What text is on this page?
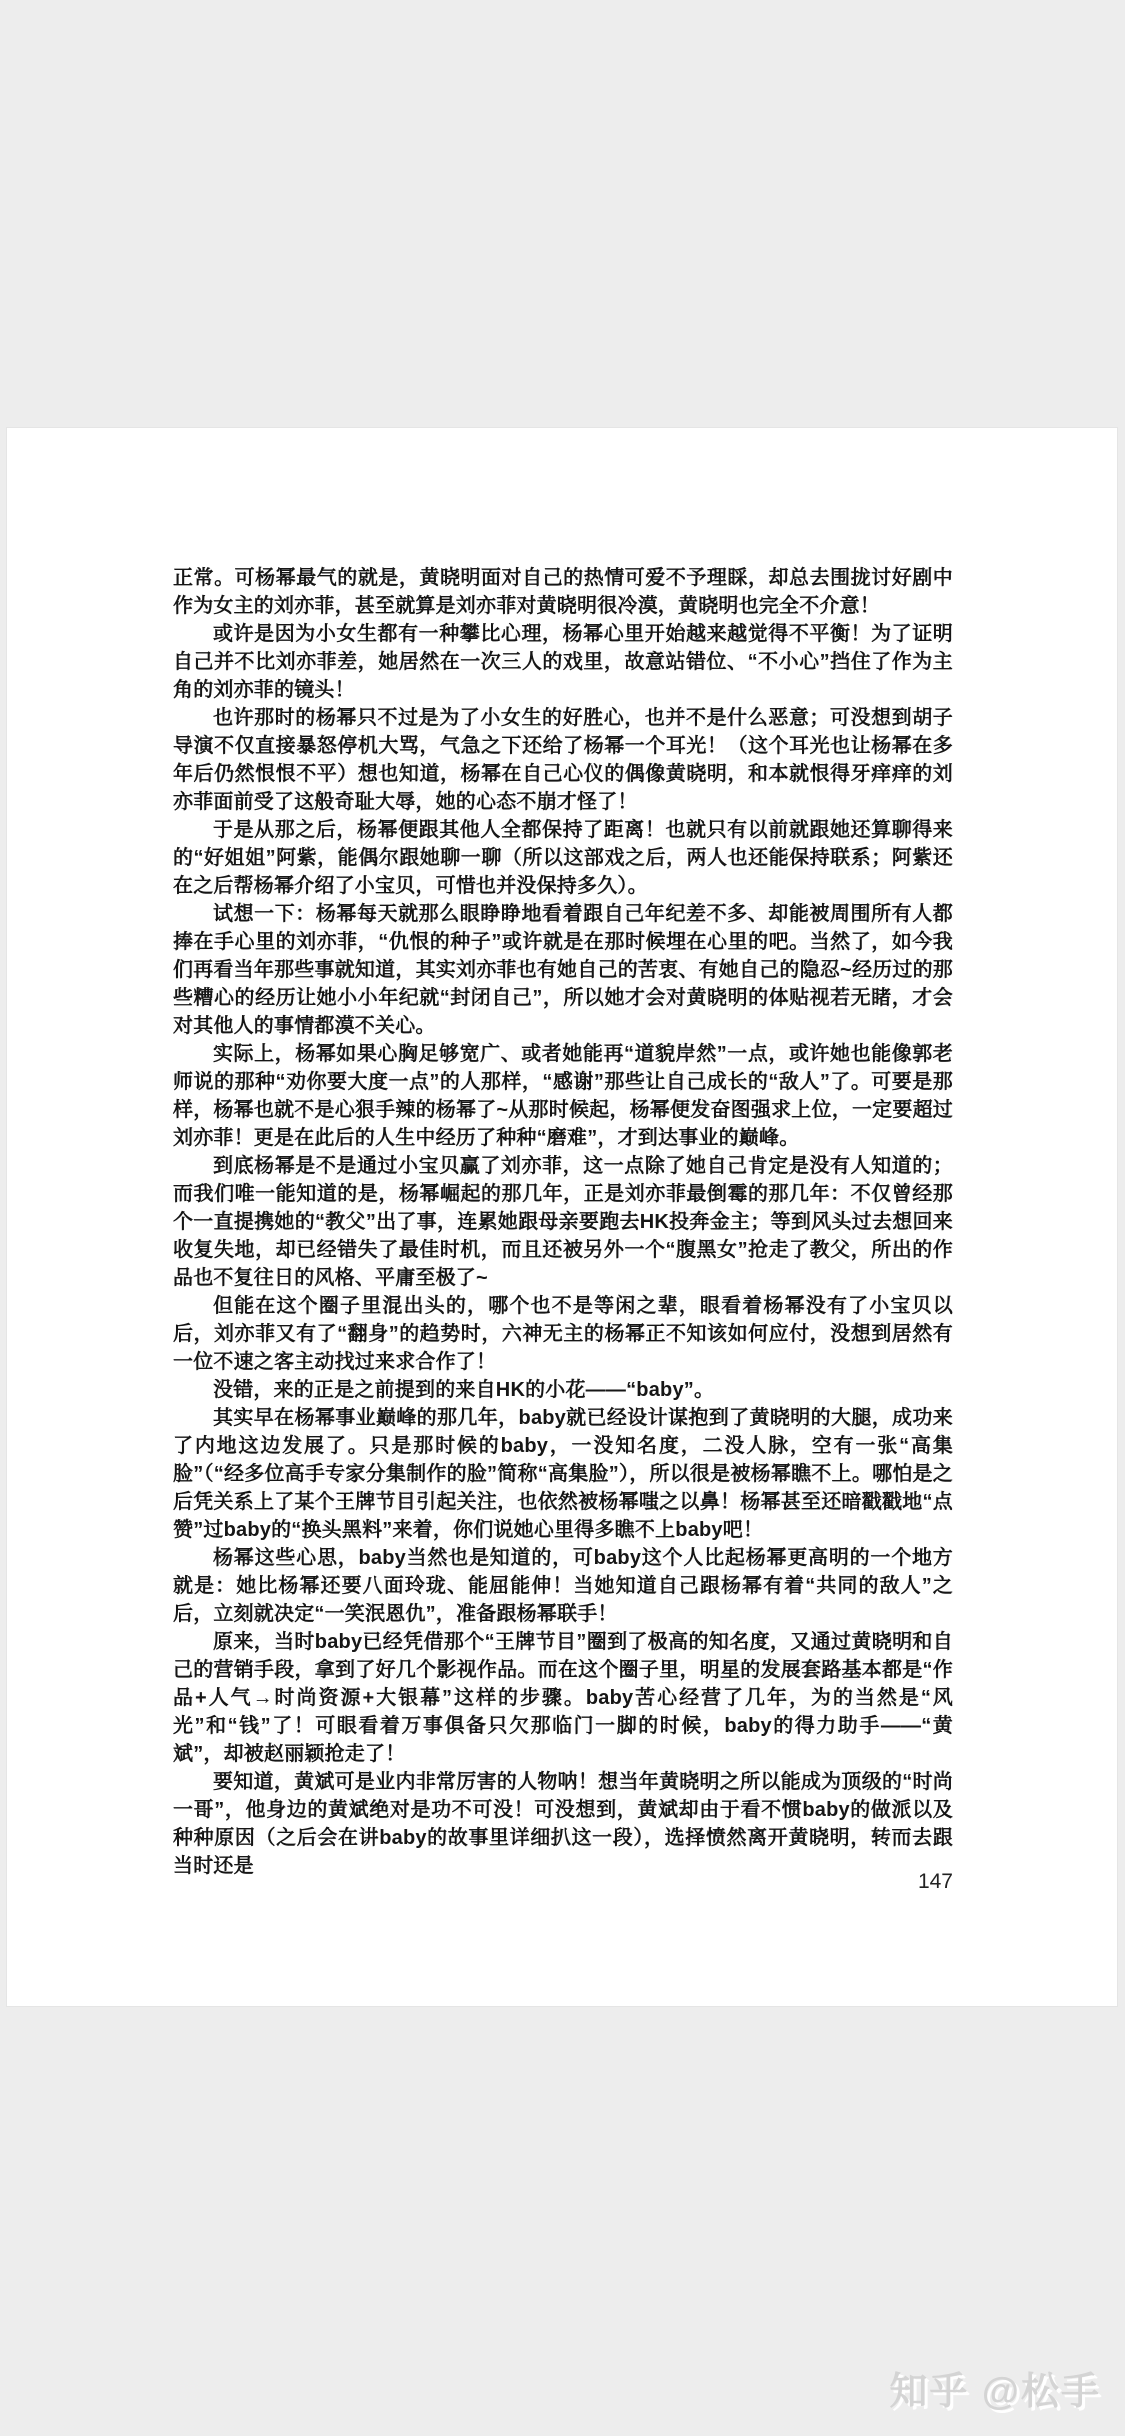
正常。可杨幂最气的就是，黄晓明面对自己的热情可爱不予理睬，却总去围拢讨好剧中作为女主的刘亦菲，甚至就算是刘亦菲对黄晓明很冷漠，黄晓明也完全不介意！

或许是因为小女生都有一种攀比心理，杨幂心里开始越来越觉得不平衡！为了证明自己并不比刘亦菲差，她居然在一次三人的戏里，故意站错位、“不小心”挡住了作为主角的刘亦菲的镜头！

也许那时的杨幂只不过是为了小女生的好胜心，也并不是什么恶意；可没想到胡子导演不仅直接暴怒停机大骂，气急之下还给了杨幂一个耳光！（这个耳光也让杨幂在多年后仍然恨恨不平）想也知道，杨幂在自己心仪的偶像黄晓明，和本就恨得牙痒痒的刘亦菲面前受了这般奇耻大辱，她的心态不崩才怪了！

于是从那之后，杨幂便跟其他人全都保持了距离！也就只有以前就跟她还算聊得来的“好姐姐”阿紫，能偶尔跟她聊一聊（所以这部戏之后，两人也还能保持联系；阿紫还在之后帮杨幂介绍了小宝贝，可惜也并没保持多久）。

试想一下：杨幂每天就那么眼睁睁地看着跟自己年纪差不多、却能被周围所有人都捧在手心里的刘亦菲，“仇恨的种子”或许就是在那时候埋在心里的吧。当然了，如今我们再看当年那些事就知道，其实刘亦菲也有她自己的苦衷、有她自己的隐忍~经历过的那些糟心的经历让她小小年纪就“封闭自己”，所以她才会对黄晓明的体贴视若无睹，才会对其他人的事情都漠不关心。

实际上，杨幂如果心胸足够宽广、或者她能再“道貌岸然”一点，或许她也能像郭老师说的那种“劝你要大度一点”的人那样，“感谢”那些让自己成长的“敌人”了。可要是那样，杨幂也就不是心狠手辣的杨幂了~从那时候起，杨幂便发奋图强求上位，一定要超过刘亦菲！更是在此后的人生中经历了种种“磨难”，才到达事业的巅峰。

到底杨幂是不是通过小宝贝赢了刘亦菲，这一点除了她自己肯定是没有人知道的；而我们唯一能知道的是，杨幂崛起的那几年，正是刘亦菲最倒霉的那几年：不仅曾经那个一直提携她的“教父”出了事，连累她跟母亲要跑去HK投奔金主；等到风头过去想回来收复失地，却已经错失了最佳时机，而且还被另外一个“腹黑女”抢走了教父，所出的作品也不复往日的风格、平庸至极了~

但能在这个圈子里混出头的，哪个也不是等闲之辈，眼看着杨幂没有了小宝贝以后，刘亦菲又有了“翻身”的趋势时，六神无主的杨幂正不知该如何应付，没想到居然有一位不速之客主动找过来求合作了！

没错，来的正是之前提到的来自HK的小花——“baby”。

其实早在杨幂事业巅峰的那几年，baby就已经设计谋抱到了黄晓明的大腿，成功来了内地这边发展了。只是那时候的baby，一没知名度，二没人脉，空有一张“高集脸”（“经多位高手专家分集制作的脸”简称“高集脸”），所以很是被杨幂瞧不上。哪怕是之后凭关系上了某个王牌节目引起关注，也依然被杨幂嗤之以鼻！杨幂甚至还暗戳戳地“点赞”过baby的“换头黑料”来着，你们说她心里得多瞧不上baby吧！

杨幂这些心思，baby当然也是知道的，可baby这个人比起杨幂更高明的一个地方就是：她比杨幂还要八面玲珑、能屈能伸！当她知道自己跟杨幂有着“共同的敌人”之后，立刻就决定“一笑泯恩仇”，准备跟杨幂联手！

原来，当时baby已经凭借那个“王牌节目”圈到了极高的知名度，又通过黄晓明和自己的营销手段，拿到了好几个影视作品。而在这个圈子里，明星的发展套路基本都是“作品+人气→时尚资源+大银幕”这样的步骤。baby苦心经营了几年，为的当然是“风光”和“钱”了！可眼看着万事俱备只欠那临门一脚的时候，baby的得力助手——“黄斌”，却被赵丽颖抢走了！

要知道，黄斌可是业内非常厉害的人物呐！想当年黄晓明之所以能成为顶级的“时尚一哥”，他身边的黄斌绝对是功不可没！可没想到，黄斌却由于看不惯baby的做派以及种种原因（之后会在讲baby的故事里详细扒这一段），选择愤然离开黄晓明，转而去跟当时还是

147
知乎 @松手
